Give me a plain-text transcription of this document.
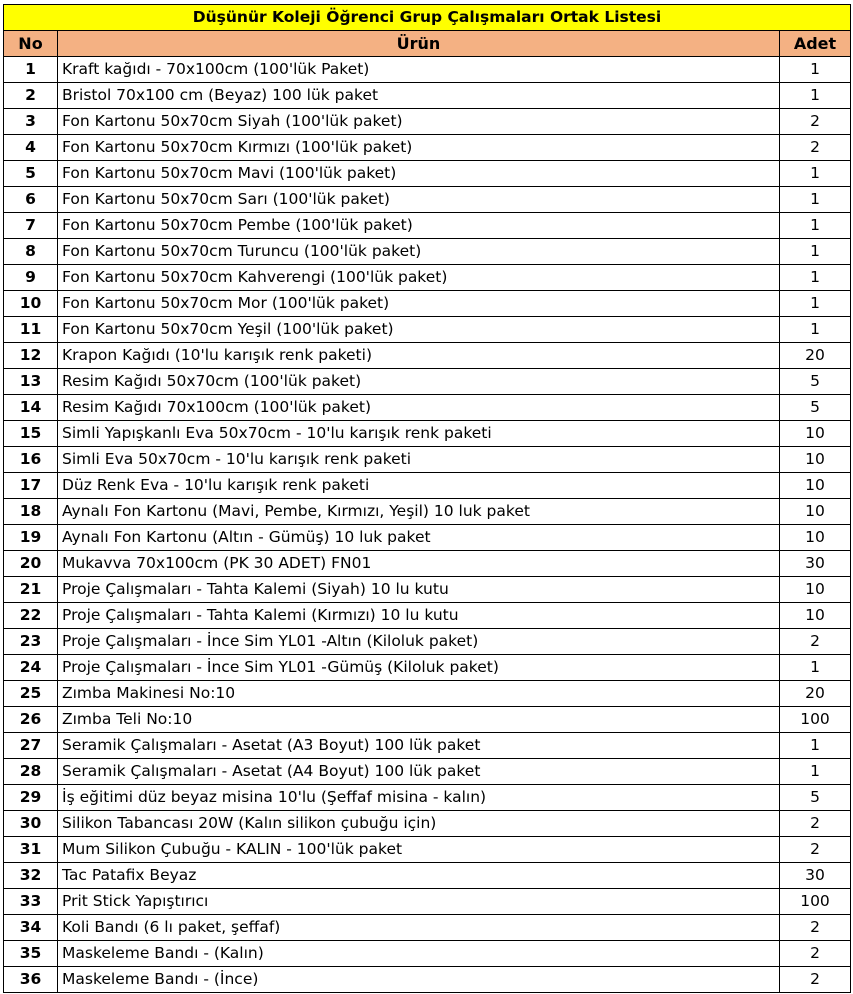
Düşünür Koleji Öğrenci Grup Çalışmaları Ortak Listesi		
No	Ürün	Adet
1	Kraft kağıdı - 70x100cm (100'lük Paket)	1
2	Bristol 70x100 cm (Beyaz) 100 lük paket	1
3	Fon Kartonu 50x70cm Siyah (100'lük paket)	2
4	Fon Kartonu 50x70cm Kırmızı (100'lük paket)	2
5	Fon Kartonu 50x70cm Mavi (100'lük paket)	1
6	Fon Kartonu 50x70cm Sarı (100'lük paket)	1
7	Fon Kartonu 50x70cm Pembe (100'lük paket)	1
8	Fon Kartonu 50x70cm Turuncu (100'lük paket)	1
9	Fon Kartonu 50x70cm Kahverengi (100'lük paket)	1
10	Fon Kartonu 50x70cm Mor (100'lük paket)	1
11	Fon Kartonu 50x70cm Yeşil (100'lük paket)	1
12	Krapon Kağıdı (10'lu karışık renk paketi)	20
13	Resim Kağıdı 50x70cm (100'lük paket)	5
14	Resim Kağıdı 70x100cm (100'lük paket)	5
15	Simli Yapışkanlı Eva 50x70cm - 10'lu karışık renk paketi	10
16	Simli Eva 50x70cm - 10'lu karışık renk paketi	10
17	Düz Renk Eva - 10'lu karışık renk paketi	10
18	Aynalı Fon Kartonu (Mavi, Pembe, Kırmızı, Yeşil) 10 luk paket	10
19	Aynalı Fon Kartonu (Altın - Gümüş) 10 luk paket	10
20	Mukavva 70x100cm (PK 30 ADET) FN01	30
21	Proje Çalışmaları - Tahta Kalemi (Siyah) 10 lu kutu	10
22	Proje Çalışmaları - Tahta Kalemi (Kırmızı) 10 lu kutu	10
23	Proje Çalışmaları - İnce Sim YL01 -Altın (Kiloluk paket)	2
24	Proje Çalışmaları - İnce Sim YL01 -Gümüş (Kiloluk paket)	1
25	Zımba Makinesi No:10	20
26	Zımba Teli No:10	100
27	Seramik Çalışmaları - Asetat (A3 Boyut) 100 lük paket	1
28	Seramik Çalışmaları - Asetat (A4 Boyut) 100 lük paket	1
29	İş eğitimi düz beyaz misina 10'lu (Şeffaf misina - kalın)	5
30	Silikon Tabancası 20W (Kalın silikon çubuğu için)	2
31	Mum Silikon Çubuğu - KALIN - 100'lük paket	2
32	Tac Patafix Beyaz	30
33	Prit Stick Yapıştırıcı	100
34	Koli Bandı (6 lı paket, şeffaf)	2
35	Maskeleme Bandı - (Kalın)	2
36	Maskeleme Bandı - (İnce)	2
